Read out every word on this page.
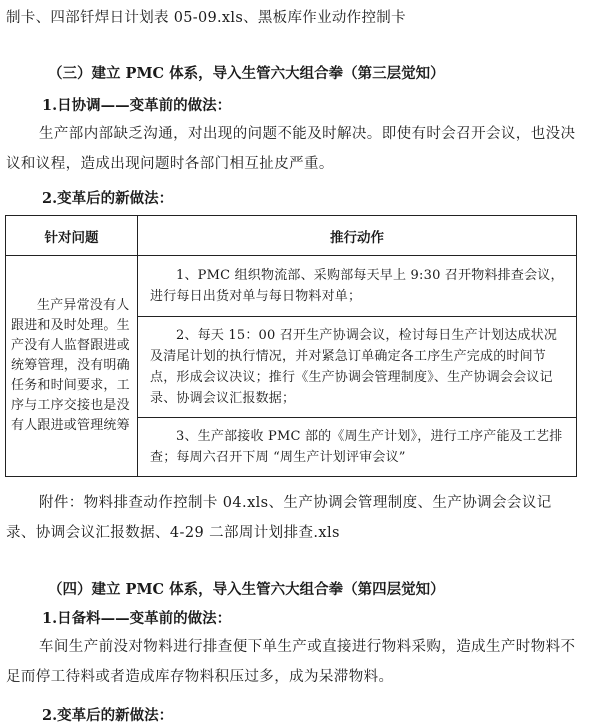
制卡、四部钎焊日计划表 05-09.xls、黑板库作业动作控制卡
（三）建立 PMC 体系，导入生管六大组合拳（第三层觉知）
1.日协调——变革前的做法：
生产部内部缺乏沟通，对出现的问题不能及时解决。即使有时会召开会议，也没决议和议程，造成出现问题时各部门相互扯皮严重。
2.变革后的新做法：
针对问题	推行动作
生产异常没有人跟进和及时处理。生产没有人监督跟进或统筹管理，没有明确任务和时间要求，工序与工序交接也是没有人跟进或管理统筹	1、PMC 组织物流部、采购部每天早上 9:30 召开物料排查会议，进行每日出货对单与每日物料对单；
	2、每天 15：00 召开生产协调会议，检讨每日生产计划达成状况及清尾计划的执行情况，并对紧急订单确定各工序生产完成的时间节点，形成会议决议；推行《生产协调会管理制度》、生产协调会会议记录、协调会议汇报数据；
	3、生产部接收 PMC 部的《周生产计划》，进行工序产能及工艺排查；每周六召开下周 “周生产计划评审会议”
附件：物料排查动作控制卡 04.xls、生产协调会管理制度、生产协调会会议记录、协调会议汇报数据、4-29 二部周计划排查.xls
（四）建立 PMC 体系，导入生管六大组合拳（第四层觉知）
1.日备料——变革前的做法：
车间生产前没对物料进行排查便下单生产或直接进行物料采购，造成生产时物料不足而停工待料或者造成库存物料积压过多，成为呆滞物料。
2.变革后的新做法：
